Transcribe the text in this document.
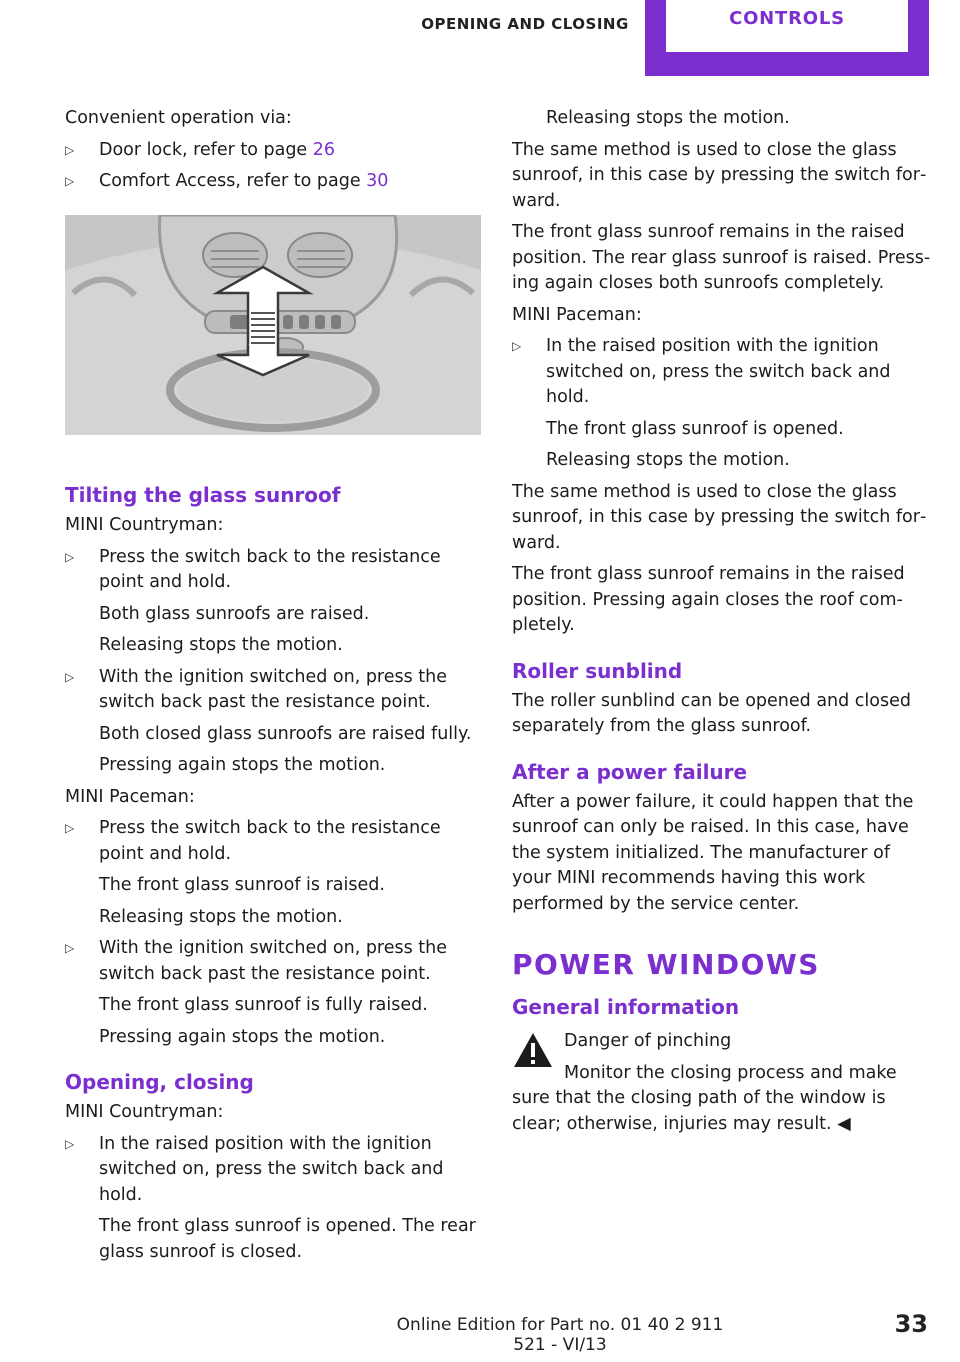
OPENING AND CLOSING	CONTROLS

Convenient operation via:

▷ Door lock, refer to page 26
▷ Comfort Access, refer to page 30
Tilting the glass sunroof

MINI Countryman:

▷ Press the switch back to the resistance point and hold.
Both glass sunroofs are raised.
Releasing stops the motion.
▷ With the ignition switched on, press the switch back past the resistance point.
Both closed glass sunroofs are raised fully.
Pressing again stops the motion.

MINI Paceman:

▷ Press the switch back to the resistance point and hold.
The front glass sunroof is raised.
Releasing stops the motion.
▷ With the ignition switched on, press the switch back past the resistance point.
The front glass sunroof is fully raised.
Pressing again stops the motion.
Opening, closing

MINI Countryman:

▷ In the raised position with the ignition switched on, press the switch back and hold.
The front glass sunroof is opened. The rear glass sunroof is closed.

Releasing stops the motion.

The same method is used to close the glass sunroof, in this case by pressing the switch for‐ward.

The front glass sunroof remains in the raised position. The rear glass sunroof is raised. Press‐ing again closes both sunroofs completely.

MINI Paceman:

▷ In the raised position with the ignition switched on, press the switch back and hold.
The front glass sunroof is opened.
Releasing stops the motion.

The same method is used to close the glass sunroof, in this case by pressing the switch for‐ward.

The front glass sunroof remains in the raised position. Pressing again closes the roof com‐pletely.

Roller sunblind

The roller sunblind can be opened and closed separately from the glass sunroof.

After a power failure

After a power failure, it could happen that the sunroof can only be raised. In this case, have the system initialized. The manufacturer of your MINI recommends having this work performed by the service center.

POWER WINDOWS
General information
Danger of pinching
Monitor the closing process and make
sure that the closing path of the window is clear; otherwise, injuries may result. ◀
Online Edition for Part no. 01 40 2 911 521 - VI/13
33
